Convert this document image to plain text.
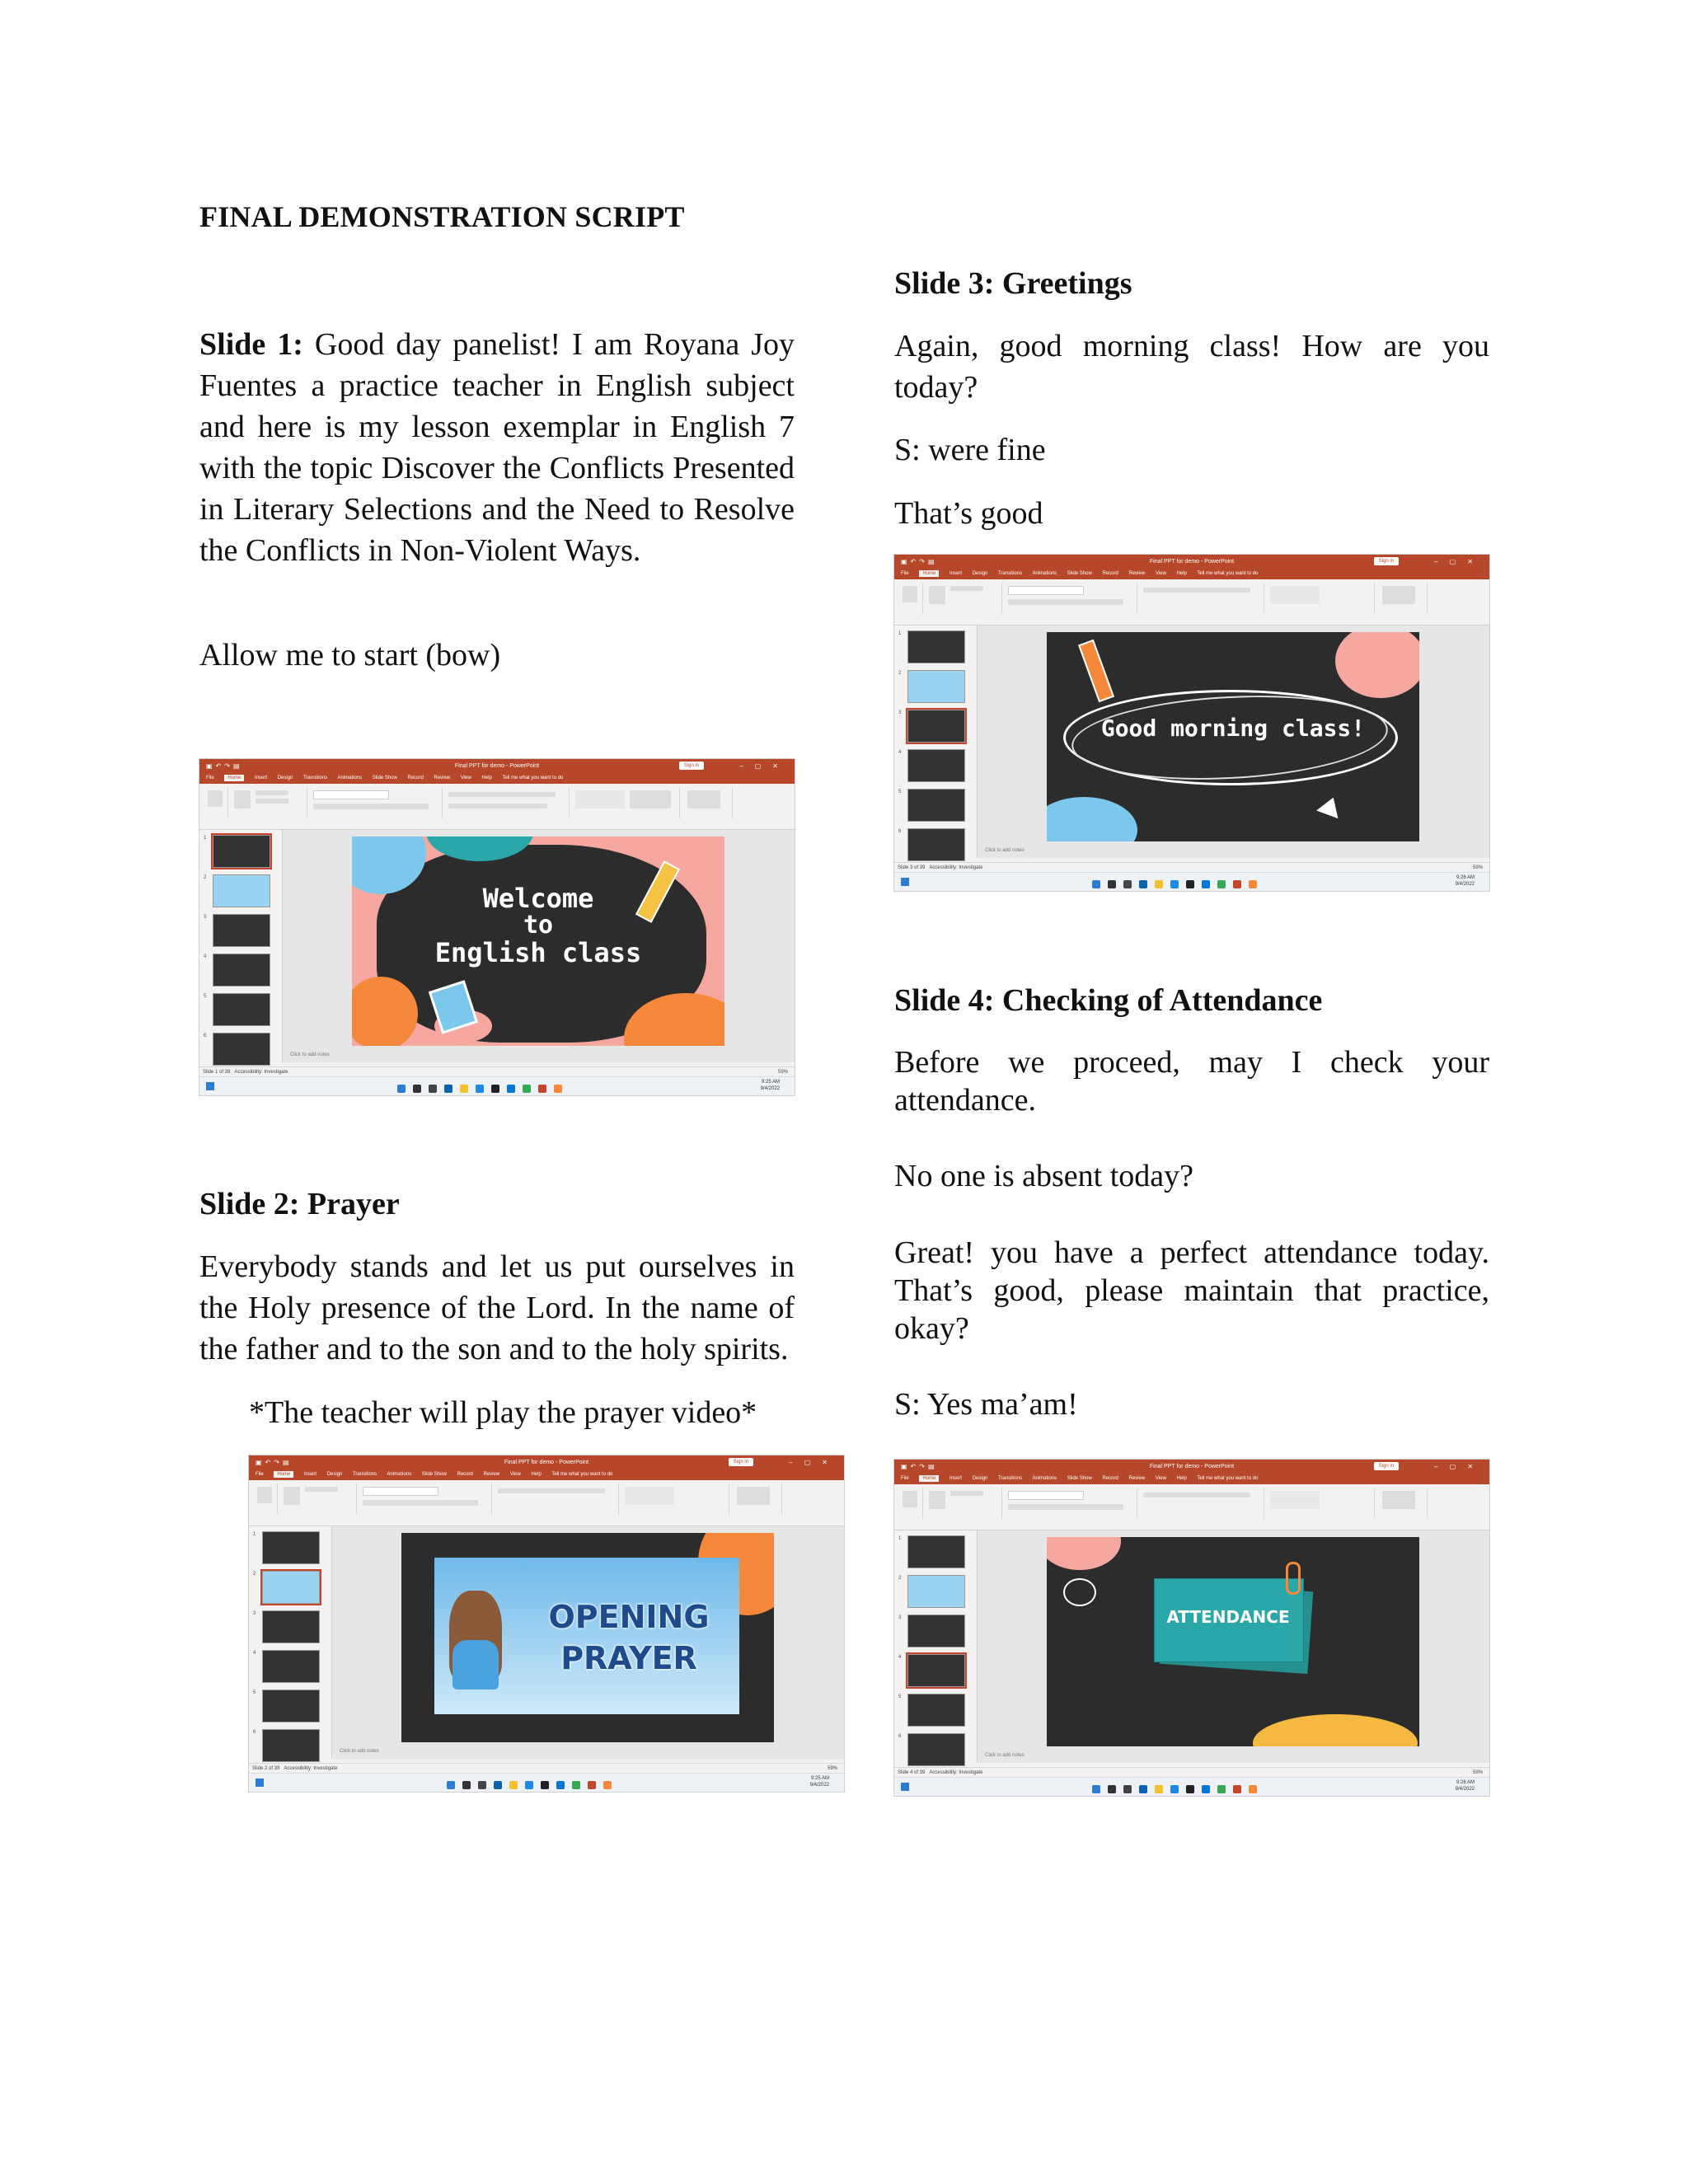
FINAL DEMONSTRATION SCRIPT

Slide 1: Good day panelist! I am Royana Joy Fuentes a practice teacher in English subject and here is my lesson exemplar in English 7 with the topic Discover the Conflicts Presented in Literary Selections and the Need to Resolve the Conflicts in Non-Violent Ways.

Allow me to start (bow)

▣↶↷▤	Final PPT for demo - PowerPoint	Sign in	–▢✕
File	Home	Insert Design Transitions Animations Slide Show Record Review View Help Tell me what you want to do
1
2
3
4
5
6
Welcome
to
English class
Click to add notes
Slide 1 of 39 Accessibility: Investigate	59%
9:25 AM
9/4/2022

Slide 2: Prayer

Everybody stands and let us put ourselves in the Holy presence of the Lord. In the name of the father and to the son and to the holy spirits.

*The teacher will play the prayer video*

▣↶↷▤	Final PPT for demo - PowerPoint	Sign in	–▢✕
File	Home	Insert Design Transitions Animations Slide Show Record Review View Help Tell me what you want to do
1
2
3
4
5
6
OPENING
PRAYER
Click to add notes
Slide 2 of 39 Accessibility: Investigate	59%
9:25 AM
9/4/2022

Slide 3: Greetings

Again, good morning class! How are you today?

S: were fine

That’s good

▣↶↷▤	Final PPT for demo - PowerPoint	Sign in	–▢✕
File	Home	Insert Design Transitions Animations Slide Show Record Review View Help Tell me what you want to do
1
2
3
4
5
6
Good morning class!
Click to add notes
Slide 3 of 39 Accessibility: Investigate	59%
9:26 AM
9/4/2022

Slide 4: Checking of Attendance

Before we proceed, may I check your attendance.

No one is absent today?

Great! you have a perfect attendance today. That’s good, please maintain that practice, okay?

S: Yes ma’am!

▣↶↷▤	Final PPT for demo - PowerPoint	Sign in	–▢✕
File	Home	Insert Design Transitions Animations Slide Show Record Review View Help Tell me what you want to do
1
2
3
4
5
6
ATTENDANCE
Click to add notes
Slide 4 of 39 Accessibility: Investigate	59%
9:26 AM
9/4/2022
